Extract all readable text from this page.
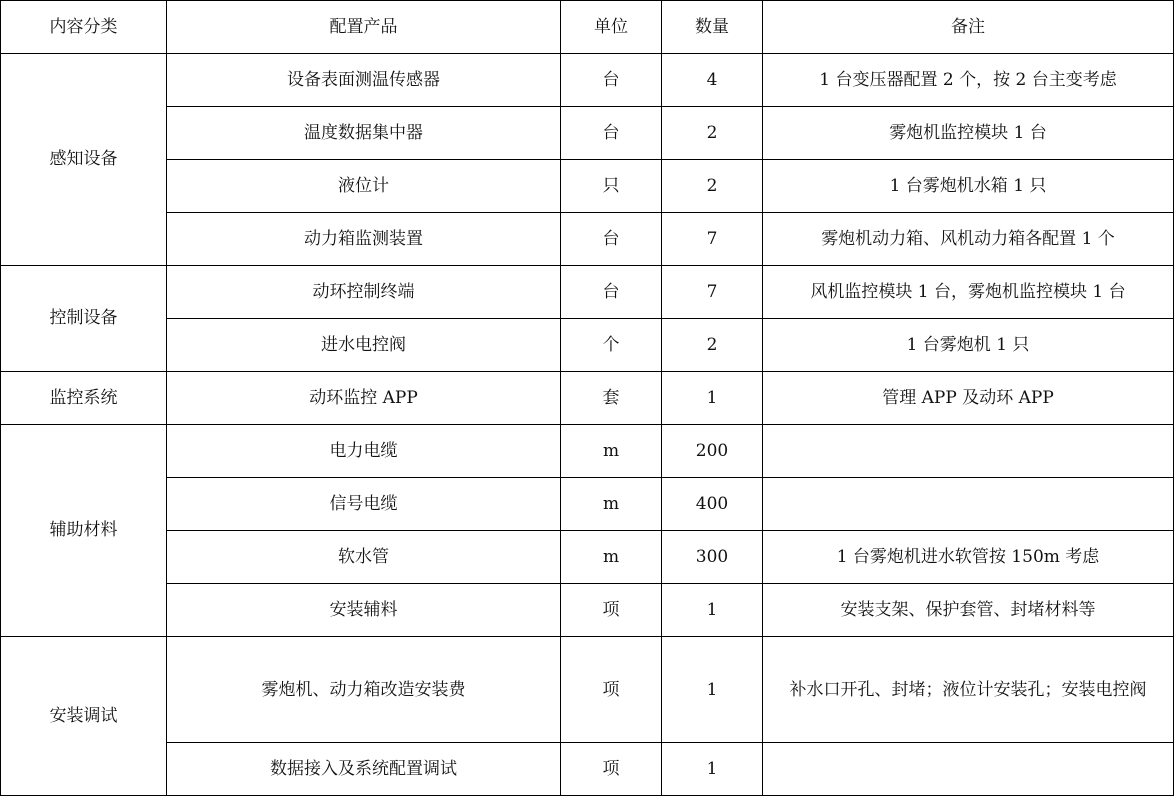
内容分类	配置产品	单位	数量	备注
感知设备	设备表面测温传感器	台	4	1 台变压器配置 2 个，按 2 台主变考虑
	温度数据集中器	台	2	雾炮机监控模块 1 台
	液位计	只	2	1 台雾炮机水箱 1 只
	动力箱监测装置	台	7	雾炮机动力箱、风机动力箱各配置 1 个
控制设备	动环控制终端	台	7	风机监控模块 1 台，雾炮机监控模块 1 台
	进水电控阀	个	2	1 台雾炮机 1 只
监控系统	动环监控 APP	套	1	管理 APP 及动环 APP
辅助材料	电力电缆	m	200	
	信号电缆	m	400	
	软水管	m	300	1 台雾炮机进水软管按 150m 考虑
	安装辅料	项	1	安装支架、保护套管、封堵材料等
安装调试	雾炮机、动力箱改造安装费	项	1	补水口开孔、封堵；液位计安装孔；安装电控阀
	数据接入及系统配置调试	项	1	
